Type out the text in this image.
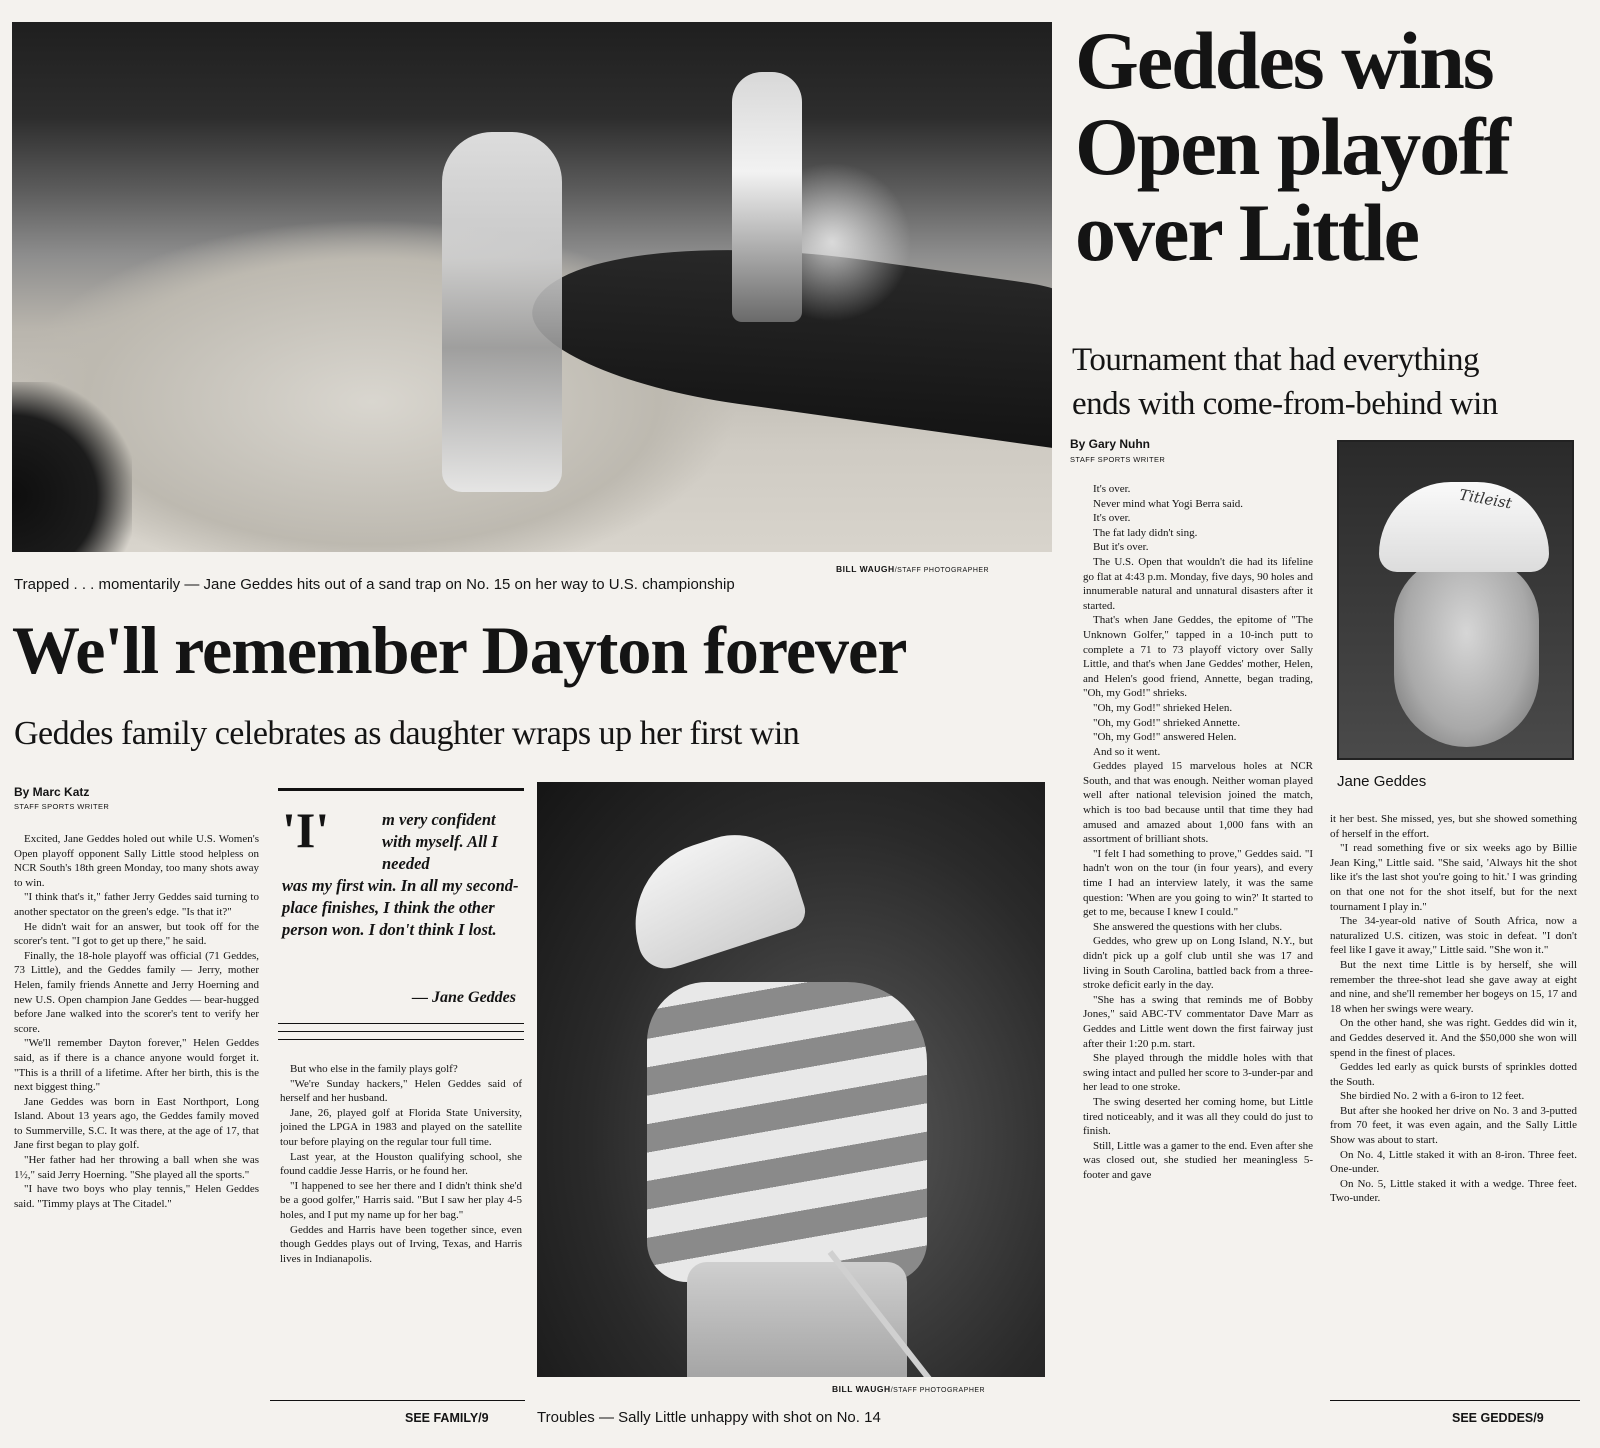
BILL WAUGH/STAFF PHOTOGRAPHER
Trapped . . . momentarily — Jane Geddes hits out of a sand trap on No. 15 on her way to U.S. championship
Geddes wins
Open playoff
over Little
Tournament that had everything
ends with come-from-behind win
By Gary Nuhn
STAFF SPORTS WRITER
Titleist
Jane Geddes

It's over.

Never mind what Yogi Berra said.

It's over.

The fat lady didn't sing.

But it's over.

The U.S. Open that wouldn't die had its lifeline go flat at 4:43 p.m. Monday, five days, 90 holes and innumerable natural and unnatural disasters after it started.

That's when Jane Geddes, the epitome of "The Unknown Golfer," tapped in a 10-inch putt to complete a 71 to 73 playoff victory over Sally Little, and that's when Jane Geddes' mother, Helen, and Helen's good friend, Annette, began trading, "Oh, my God!" shrieks.

"Oh, my God!" shrieked Helen.

"Oh, my God!" shrieked Annette.

"Oh, my God!" answered Helen.

And so it went.

Geddes played 15 marvelous holes at NCR South, and that was enough. Neither woman played well after national television joined the match, which is too bad because until that time they had amused and amazed about 1,000 fans with an assortment of brilliant shots.

"I felt I had something to prove," Geddes said. "I hadn't won on the tour (in four years), and every time I had an interview lately, it was the same question: 'When are you going to win?' It started to get to me, because I knew I could."

She answered the questions with her clubs.

Geddes, who grew up on Long Island, N.Y., but didn't pick up a golf club until she was 17 and living in South Carolina, battled back from a three-stroke deficit early in the day.

"She has a swing that reminds me of Bobby Jones," said ABC-TV commentator Dave Marr as Geddes and Little went down the first fairway just after their 1:20 p.m. start.

She played through the middle holes with that swing intact and pulled her score to 3-under-par and her lead to one stroke.

The swing deserted her coming home, but Little tired noticeably, and it was all they could do just to finish.

Still, Little was a gamer to the end. Even after she was closed out, she studied her meaningless 5-footer and gave

it her best. She missed, yes, but she showed something of herself in the effort.

"I read something five or six weeks ago by Billie Jean King," Little said. "She said, 'Always hit the shot like it's the last shot you're going to hit.' I was grinding on that one not for the shot itself, but for the next tournament I play in."

The 34-year-old native of South Africa, now a naturalized U.S. citizen, was stoic in defeat. "I don't feel like I gave it away," Little said. "She won it."

But the next time Little is by herself, she will remember the three-shot lead she gave away at eight and nine, and she'll remember her bogeys on 15, 17 and 18 when her swings were weary.

On the other hand, she was right. Geddes did win it, and Geddes deserved it. And the $50,000 she won will spend in the finest of places.

Geddes led early as quick bursts of sprinkles dotted the South.

She birdied No. 2 with a 6-iron to 12 feet.

But after she hooked her drive on No. 3 and 3-putted from 70 feet, it was even again, and the Sally Little Show was about to start.

On No. 4, Little staked it with an 8-iron. Three feet. One-under.

On No. 5, Little staked it with a wedge. Three feet. Two-under.

SEE GEDDES/9
We'll remember Dayton forever
Geddes family celebrates as daughter wraps up her first win
By Marc Katz
STAFF SPORTS WRITER

Excited, Jane Geddes holed out while U.S. Women's Open playoff opponent Sally Little stood helpless on NCR South's 18th green Monday, too many shots away to win.

"I think that's it," father Jerry Geddes said turning to another spectator on the green's edge. "Is that it?"

He didn't wait for an answer, but took off for the scorer's tent. "I got to get up there," he said.

Finally, the 18-hole playoff was official (71 Geddes, 73 Little), and the Geddes family — Jerry, mother Helen, family friends Annette and Jerry Hoerning and new U.S. Open champion Jane Geddes — bear-hugged before Jane walked into the scorer's tent to verify her score.

"We'll remember Dayton forever," Helen Geddes said, as if there is a chance anyone would forget it. "This is a thrill of a lifetime. After her birth, this is the next biggest thing."

Jane Geddes was born in East Northport, Long Island. About 13 years ago, the Geddes family moved to Summerville, S.C. It was there, at the age of 17, that Jane first began to play golf.

"Her father had her throwing a ball when she was 1½," said Jerry Hoerning. "She played all the sports."

"I have two boys who play tennis," Helen Geddes said. "Timmy plays at The Citadel."

'I'	m very confident with myself. All I needed
was my first win. In all my second-place finishes, I think the other person won. I don't think I lost.
— Jane Geddes

But who else in the family plays golf?

"We're Sunday hackers," Helen Geddes said of herself and her husband.

Jane, 26, played golf at Florida State University, joined the LPGA in 1983 and played on the satellite tour before playing on the regular tour full time.

Last year, at the Houston qualifying school, she found caddie Jesse Harris, or he found her.

"I happened to see her there and I didn't think she'd be a good golfer," Harris said. "But I saw her play 4-5 holes, and I put my name up for her bag."

Geddes and Harris have been together since, even though Geddes plays out of Irving, Texas, and Harris lives in Indianapolis.

SEE FAMILY/9
BILL WAUGH/STAFF PHOTOGRAPHER
Troubles — Sally Little unhappy with shot on No. 14
